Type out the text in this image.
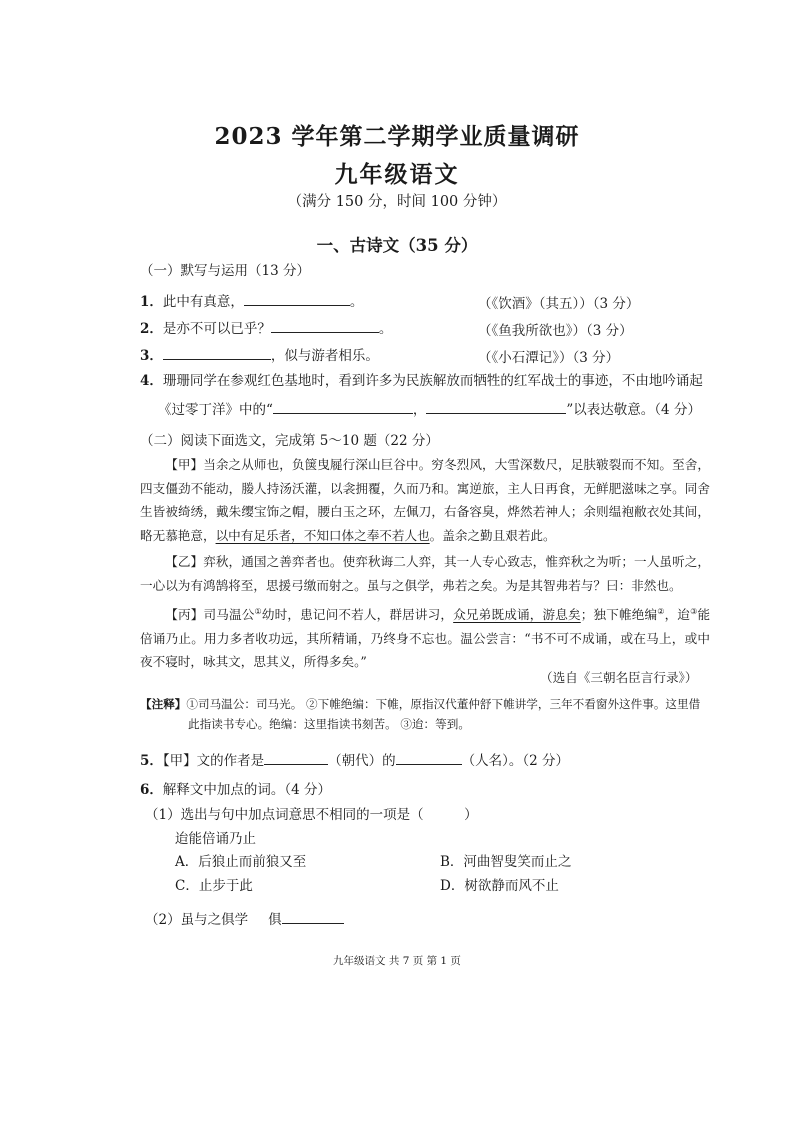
2023 学年第二学期学业质量调研
九年级语文
（满分 150 分，时间 100 分钟）
一、古诗文（35 分）
（一）默写与运用（13 分）
1．此中有真意，	。	（《饮酒》（其五））（3 分）
2．是亦不可以已乎？	。	（《鱼我所欲也》）（3 分）
3．	，似与游者相乐。	（《小石潭记》）（3 分）
4．珊珊同学在参观红色基地时，看到许多为民族解放而牺牲的红军战士的事迹，不由地吟诵起
《过零丁洋》中的“	，	”以表达敬意。（4 分）
（二）阅读下面选文，完成第 5～10 题（22 分）

【甲】当余之从师也，负箧曳屣行深山巨谷中。穷冬烈风，大雪深数尺，足肤皲裂而不知。至舍，四支僵劲不能动，媵人持汤沃灌，以衾拥覆，久而乃和。寓逆旅，主人日再食，无鲜肥滋味之享。同舍生皆被绮绣，戴朱缨宝饰之帽，腰白玉之环，左佩刀，右备容臭，烨然若神人；余则缊袍敝衣处其间，略无慕艳意，以中有足乐者，不知口体之奉不若人也。盖余之勤且艰若此。

【乙】弈秋，通国之善弈者也。使弈秋诲二人弈，其一人专心致志，惟弈秋之为听；一人虽听之，一心以为有鸿鹄将至，思援弓缴而射之。虽与之俱学，弗若之矣。为是其智弗若与？曰：非然也。

【丙】司马温公①幼时，患记问不若人，群居讲习，众兄弟既成诵，游息矣；独下帷绝编②，迨③能倍诵乃止。用力多者收功远，其所精诵，乃终身不忘也。温公尝言：“书不可不成诵，或在马上，或中夜不寝时，咏其文，思其义，所得多矣。”

（选自《三朝名臣言行录》）
【注释】①司马温公：司马光。 ②下帷绝编：下帷，原指汉代董仲舒下帷讲学，三年不看窗外这件事。这里借此指读书专心。绝编：这里指读书刻苦。 ③迨：等到。
5．【甲】文的作者是	（朝代）的	（人名）。（2 分）
6．解释文中加点的词。（4 分）
（1）选出与句中加点词意思不相同的一项是（　　　）
迨能倍诵乃止
A．后狼止而前狼又至	B．河曲智叟笑而止之
C．止步于此	D．树欲静而风不止
（2）虽与之俱学 俱
九年级语文 共 7 页 第 1 页
